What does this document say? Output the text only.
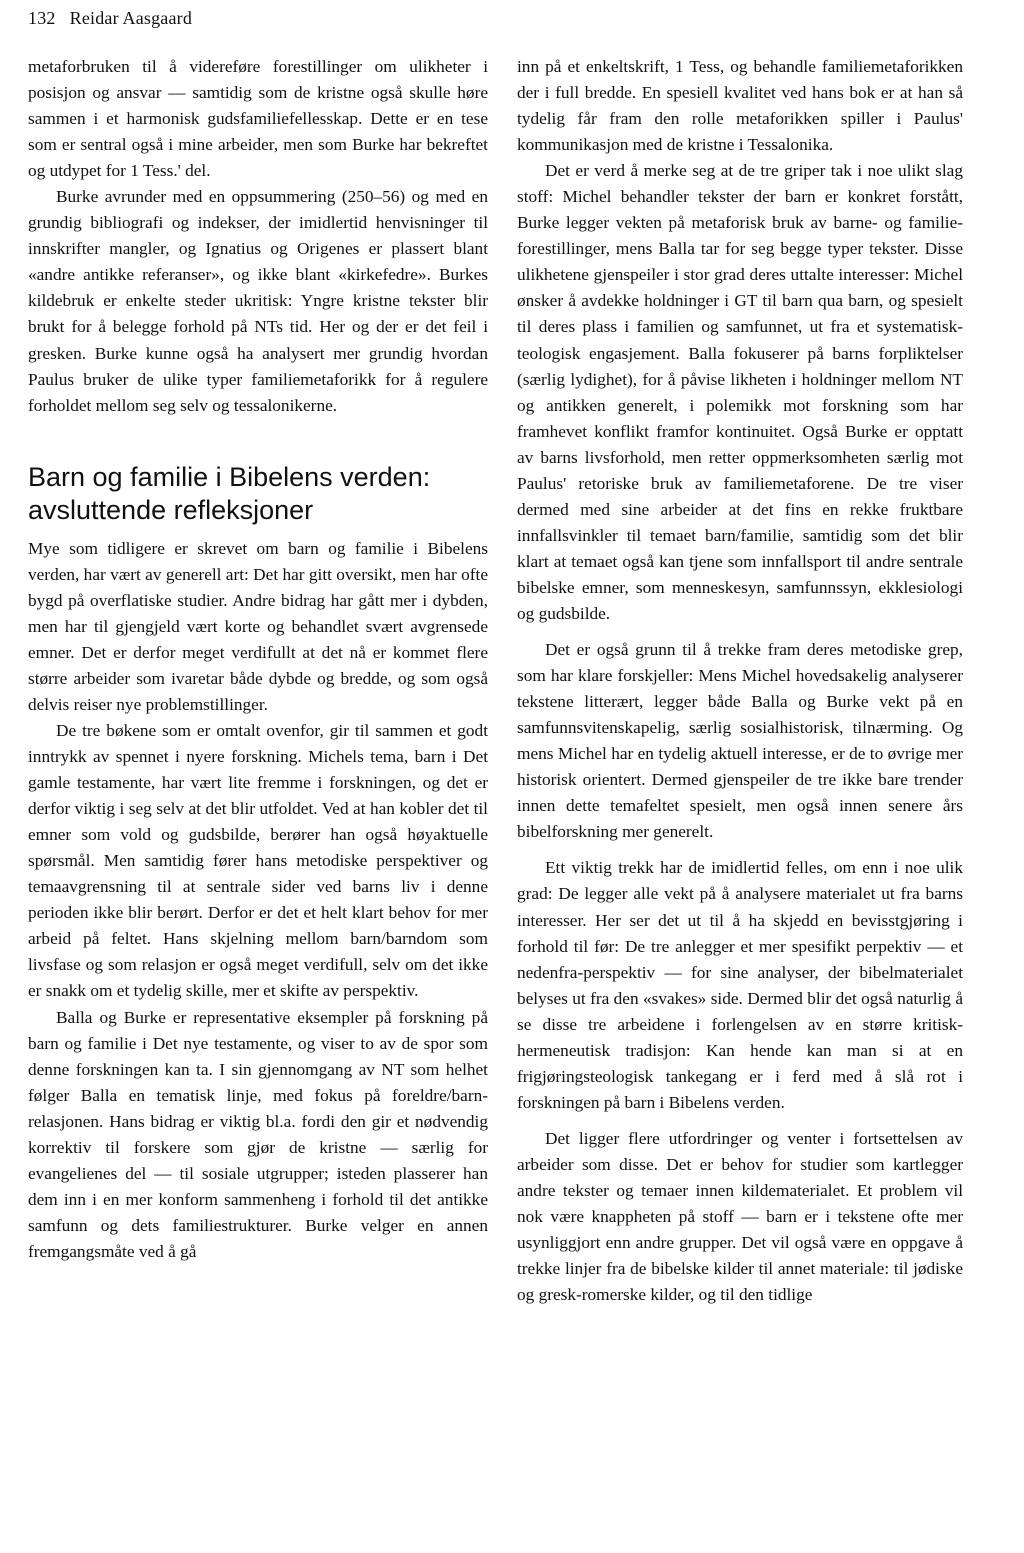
132 Reidar Aasgaard

metaforbruken til å videreføre forestillinger om ulikheter i posisjon og ansvar — samtidig som de kristne også skulle høre sammen i et harmonisk gudsfamiliefellesskap. Dette er en tese som er sentral også i mine arbeider, men som Burke har bekreftet og utdypet for 1 Tess.' del.

Burke avrunder med en oppsummering (250–56) og med en grundig bibliografi og indekser, der imidlertid henvisninger til innskrifter mangler, og Ignatius og Origenes er plassert blant «andre antikke referanser», og ikke blant «kirkefedre». Burkes kildebruk er enkelte steder ukritisk: Yngre kristne tekster blir brukt for å belegge forhold på NTs tid. Her og der er det feil i gresken. Burke kunne også ha analysert mer grundig hvordan Paulus bruker de ulike typer familiemetaforikk for å regulere forholdet mellom seg selv og tessalonikerne.

Barn og familie i Bibelens verden: avsluttende refleksjoner

Mye som tidligere er skrevet om barn og familie i Bibelens verden, har vært av generell art: Det har gitt oversikt, men har ofte bygd på overflatiske studier. Andre bidrag har gått mer i dybden, men har til gjengjeld vært korte og behandlet svært avgrensede emner. Det er derfor meget verdifullt at det nå er kommet flere større arbeider som ivaretar både dybde og bredde, og som også delvis reiser nye problemstillinger.

De tre bøkene som er omtalt ovenfor, gir til sammen et godt inntrykk av spennet i nyere forskning. Michels tema, barn i Det gamle testamente, har vært lite fremme i forskningen, og det er derfor viktig i seg selv at det blir utfoldet. Ved at han kobler det til emner som vold og gudsbilde, berører han også høyaktuelle spørsmål. Men samtidig fører hans metodiske perspektiver og temaavgrensning til at sentrale sider ved barns liv i denne perioden ikke blir berørt. Derfor er det et helt klart behov for mer arbeid på feltet. Hans skjelning mellom barn/barndom som livsfase og som relasjon er også meget verdifull, selv om det ikke er snakk om et tydelig skille, mer et skifte av perspektiv.

Balla og Burke er representative eksempler på forskning på barn og familie i Det nye testamente, og viser to av de spor som denne forskningen kan ta. I sin gjennomgang av NT som helhet følger Balla en tematisk linje, med fokus på foreldre/barn-relasjonen. Hans bidrag er viktig bl.a. fordi den gir et nødvendig korrektiv til forskere som gjør de kristne — særlig for evangelienes del — til sosiale utgrupper; isteden plasserer han dem inn i en mer konform sammenheng i forhold til det antikke samfunn og dets familiestrukturer. Burke velger en annen fremgangsmåte ved å gå

inn på et enkeltskrift, 1 Tess, og behandle familiemetaforikken der i full bredde. En spesiell kvalitet ved hans bok er at han så tydelig får fram den rolle metaforikken spiller i Paulus' kommunikasjon med de kristne i Tessalonika.

Det er verd å merke seg at de tre griper tak i noe ulikt slag stoff: Michel behandler tekster der barn er konkret forstått, Burke legger vekten på metaforisk bruk av barne- og familie-forestillinger, mens Balla tar for seg begge typer tekster. Disse ulikhetene gjenspeiler i stor grad deres uttalte interesser: Michel ønsker å avdekke holdninger i GT til barn qua barn, og spesielt til deres plass i familien og samfunnet, ut fra et systematisk-teologisk engasjement. Balla fokuserer på barns forpliktelser (særlig lydighet), for å påvise likheten i holdninger mellom NT og antikken generelt, i polemikk mot forskning som har framhevet konflikt framfor kontinuitet. Også Burke er opptatt av barns livsforhold, men retter oppmerksomheten særlig mot Paulus' retoriske bruk av familiemetaforene. De tre viser dermed med sine arbeider at det fins en rekke fruktbare innfallsvinkler til temaet barn/familie, samtidig som det blir klart at temaet også kan tjene som innfallsport til andre sentrale bibelske emner, som menneskesyn, samfunnssyn, ekklesiologi og gudsbilde.

Det er også grunn til å trekke fram deres metodiske grep, som har klare forskjeller: Mens Michel hovedsakelig analyserer tekstene litterært, legger både Balla og Burke vekt på en samfunnsvitenskapelig, særlig sosialhistorisk, tilnærming. Og mens Michel har en tydelig aktuell interesse, er de to øvrige mer historisk orientert. Dermed gjenspeiler de tre ikke bare trender innen dette temafeltet spesielt, men også innen senere års bibelforskning mer generelt.

Ett viktig trekk har de imidlertid felles, om enn i noe ulik grad: De legger alle vekt på å analysere materialet ut fra barns interesser. Her ser det ut til å ha skjedd en bevisstgjøring i forhold til før: De tre anlegger et mer spesifikt perpektiv — et nedenfra-perspektiv — for sine analyser, der bibelmaterialet belyses ut fra den «svakes» side. Dermed blir det også naturlig å se disse tre arbeidene i forlengelsen av en større kritisk-hermeneutisk tradisjon: Kan hende kan man si at en frigjøringsteologisk tankegang er i ferd med å slå rot i forskningen på barn i Bibelens verden.

Det ligger flere utfordringer og venter i fortsettelsen av arbeider som disse. Det er behov for studier som kartlegger andre tekster og temaer innen kildematerialet. Et problem vil nok være knappheten på stoff — barn er i tekstene ofte mer usynliggjort enn andre grupper. Det vil også være en oppgave å trekke linjer fra de bibelske kilder til annet materiale: til jødiske og gresk-romerske kilder, og til den tidlige
